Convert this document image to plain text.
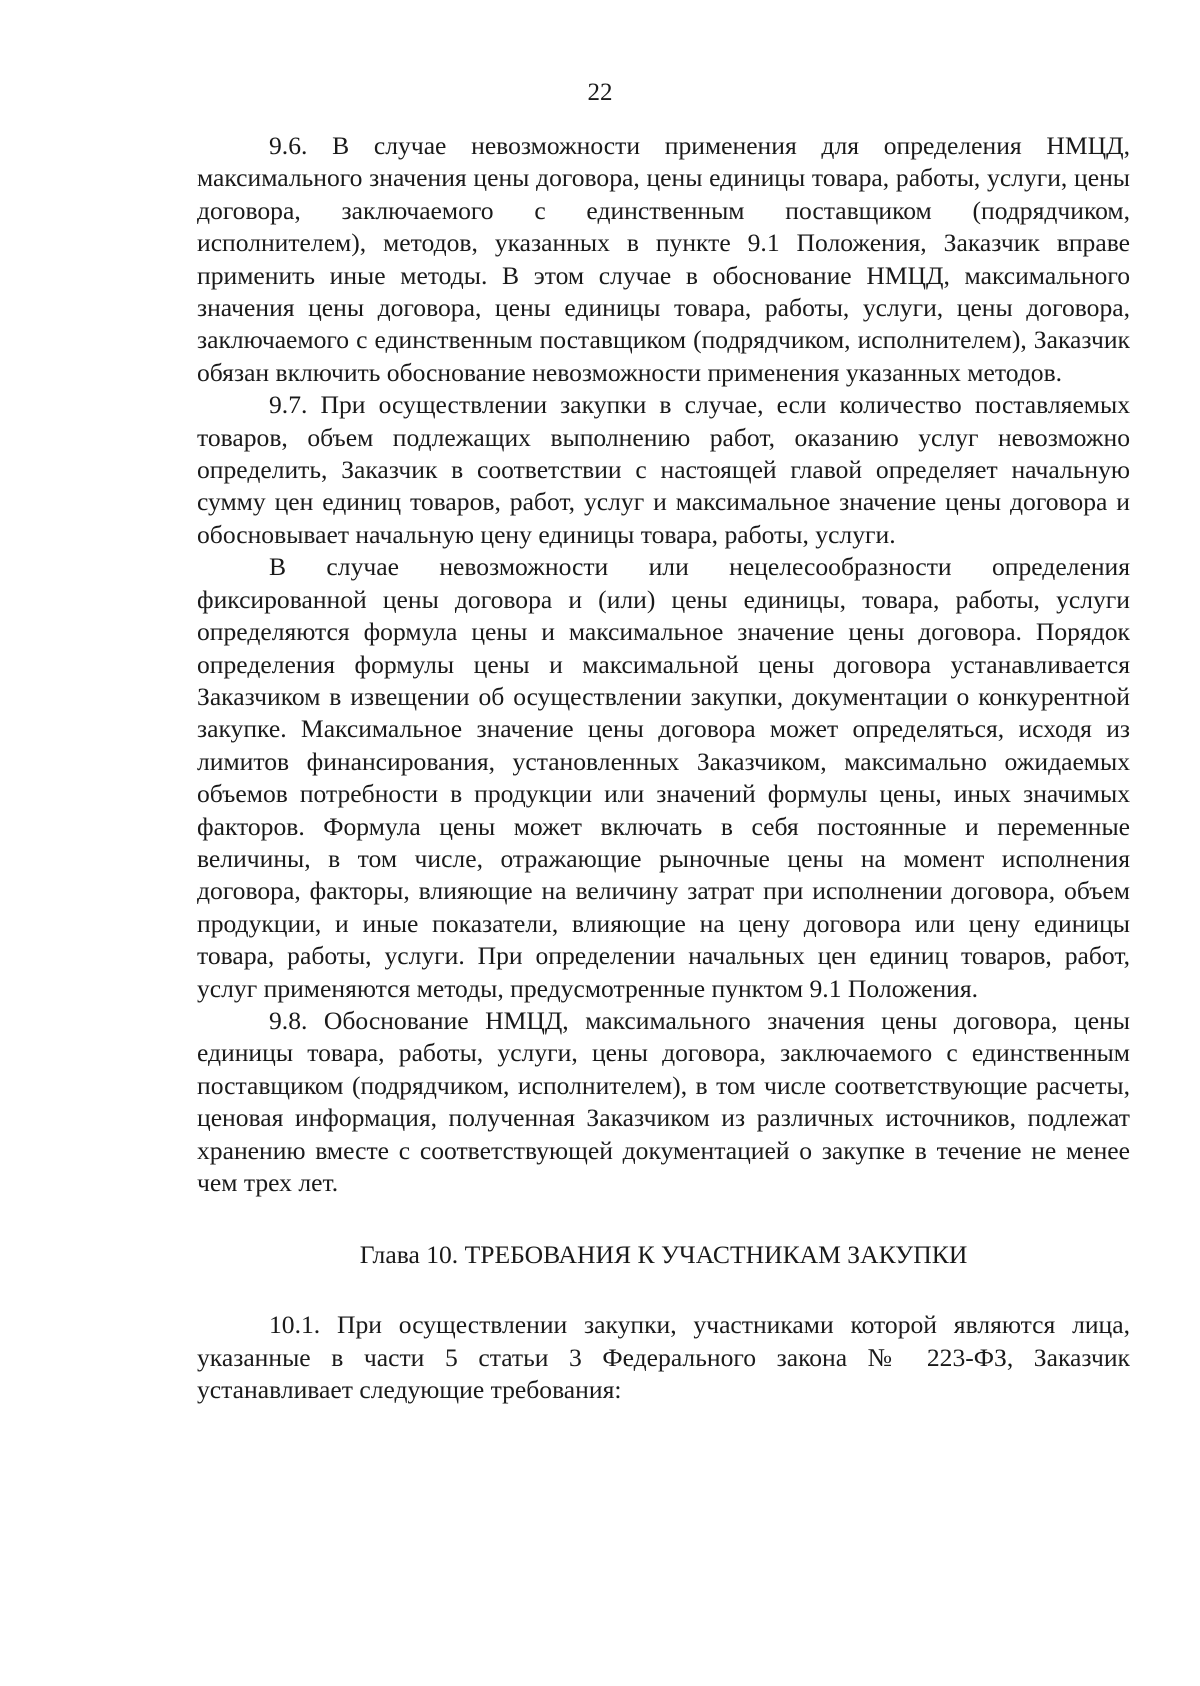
22

9.6. В случае невозможности применения для определения НМЦД, максимального значения цены договора, цены единицы товара, работы, услуги, цены договора, заключаемого с единственным поставщиком (подрядчиком, исполнителем), методов, указанных в пункте 9.1 Положения, Заказчик вправе применить иные методы. В этом случае в обоснование НМЦД, максимального значения цены договора, цены единицы товара, работы, услуги, цены договора, заключаемого с единственным поставщиком (подрядчиком, исполнителем), Заказчик обязан включить обоснование невозможности применения указанных методов.

9.7. При осуществлении закупки в случае, если количество поставляемых товаров, объем подлежащих выполнению работ, оказанию услуг невозможно определить, Заказчик в соответствии с настоящей главой определяет начальную сумму цен единиц товаров, работ, услуг и максимальное значение цены договора и обосновывает начальную цену единицы товара, работы, услуги.

В случае невозможности или нецелесообразности определения фиксированной цены договора и (или) цены единицы, товара, работы, услуги определяются формула цены и максимальное значение цены договора. Порядок определения формулы цены и максимальной цены договора устанавливается Заказчиком в извещении об осуществлении закупки, документации о конкурентной закупке. Максимальное значение цены договора может определяться, исходя из лимитов финансирования, установленных Заказчиком, максимально ожидаемых объемов потребности в продукции или значений формулы цены, иных значимых факторов. Формула цены может включать в себя постоянные и переменные величины, в том числе, отражающие рыночные цены на момент исполнения договора, факторы, влияющие на величину затрат при исполнении договора, объем продукции, и иные показатели, влияющие на цену договора или цену единицы товара, работы, услуги. При определении начальных цен единиц товаров, работ, услуг применяются методы, предусмотренные пунктом 9.1 Положения.

9.8. Обоснование НМЦД, максимального значения цены договора, цены единицы товара, работы, услуги, цены договора, заключаемого с единственным поставщиком (подрядчиком, исполнителем), в том числе соответствующие расчеты, ценовая информация, полученная Заказчиком из различных источников, подлежат хранению вместе с соответствующей документацией о закупке в течение не менее чем трех лет.

Глава 10. ТРЕБОВАНИЯ К УЧАСТНИКАМ ЗАКУПКИ

10.1. При осуществлении закупки, участниками которой являются лица, указанные в части 5 статьи 3 Федерального закона № 223-ФЗ, Заказчик устанавливает следующие требования:
